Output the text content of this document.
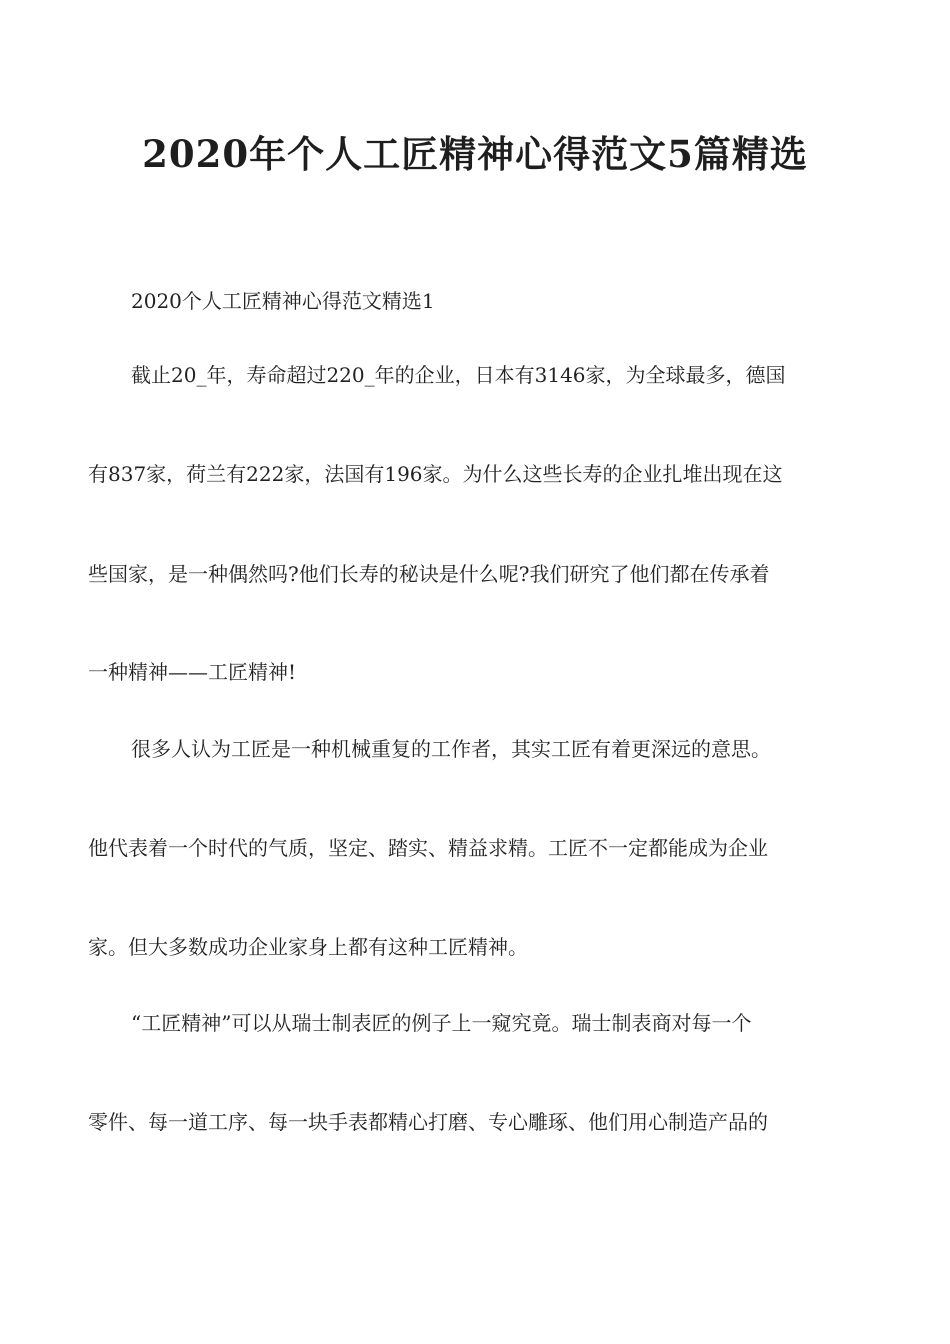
2020年个人工匠精神心得范文5篇精选
2020个人工匠精神心得范文精选1
截止20_年，寿命超过220_年的企业，日本有3146家，为全球最多，德国
有837家，荷兰有222家，法国有196家。为什么这些长寿的企业扎堆出现在这
些国家，是一种偶然吗?他们长寿的秘诀是什么呢?我们研究了他们都在传承着
一种精神——工匠精神!
很多人认为工匠是一种机械重复的工作者，其实工匠有着更深远的意思。
他代表着一个时代的气质，坚定、踏实、精益求精。工匠不一定都能成为企业
家。但大多数成功企业家身上都有这种工匠精神。
“工匠精神”可以从瑞士制表匠的例子上一窥究竟。瑞士制表商对每一个
零件、每一道工序、每一块手表都精心打磨、专心雕琢、他们用心制造产品的
